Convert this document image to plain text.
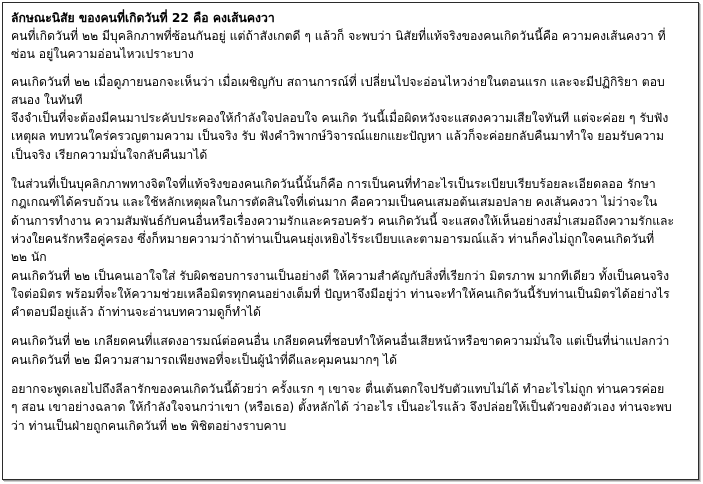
ลักษณะนิสัย ของคนที่เกิดวันที่ 22 คือ คงเส้นคงวา
คนที่เกิดวันที่ ๒๒ มีบุคลิกภาพที่ซ้อนกันอยู่ แต่ถ้าสังเกตดี ๆ แล้วก็ จะพบว่า นิสัยที่แท้จริงของคนเกิดวันนี้คือ ความคงเส้นคงวา ที่
ซ่อน อยู่ในความอ่อนไหวเปราะบาง
คนเกิดวันที่ ๒๒ เมื่อดูภายนอกจะเห็นว่า เมื่อเผชิญกับ สถานการณ์ที่ เปลี่ยนไปจะอ่อนไหวง่ายในตอนแรก และจะมีปฏิกิริยา ตอบ
สนอง ในทันที
จึงจำเป็นที่จะต้องมีคนมาประคับประคองให้กำลังใจปลอบใจ คนเกิด วันนี้เมื่อผิดหวังจะแสดงความเสียใจทันที แต่จะค่อย ๆ รับฟัง
เหตุผล ทบทวนใคร่ครวญตามความ เป็นจริง รับ ฟังคำวิพากษ์วิจารณ์แยกแยะปัญหา แล้วก็จะค่อยกลับคืนมาทำใจ ยอมรับความ
เป็นจริง เรียกความมั่นใจกลับคืนมาได้
ในส่วนที่เป็นบุคลิกภาพทางจิตใจที่แท้จริงของคนเกิดวันนี้นั้นก็คือ การเป็นคนที่ทำอะไรเป็นระเบียบเรียบร้อยละเอียดลออ รักษา
กฎเกณฑ์ได้ครบถ้วน และใช้หลักเหตุผลในการตัดสินใจที่เด่นมาก คือความเป็นคนเสมอต้นเสมอปลาย คงเส้นคงวา ไม่ว่าจะใน
ด้านการทำงาน ความสัมพันธ์กับคนอื่นหรือเรื่องความรักและครอบครัว คนเกิดวันนี้ จะแสดงให้เห็นอย่างสม่ำเสมอถึงความรักและ
ห่วงใยคนรักหรือคู่ครอง ซึ่งก็หมายความว่าถ้าท่านเป็นคนยุ่งเหยิงไร้ระเบียบและตามอารมณ์แล้ว ท่านก็คงไม่ถูกใจคนเกิดวันที่
๒๒ นัก
คนเกิดวันที่ ๒๒ เป็นคนเอาใจใส่ รับผิดชอบการงานเป็นอย่างดี ให้ความสำคัญกับสิ่งที่เรียกว่า มิตรภาพ มากทีเดียว ทั้งเป็นคนจริง
ใจต่อมิตร พร้อมที่จะให้ความช่วยเหลือมิตรทุกคนอย่างเต็มที่ ปัญหาจึงมีอยู่ว่า ท่านจะทำให้คนเกิดวันนี้รับท่านเป็นมิตรได้อย่างไร
คำตอบมีอยู่แล้ว ถ้าท่านจะอ่านบทความดูก็ทำได้
คนเกิดวันที่ ๒๒ เกลียดคนที่แสดงอารมณ์ต่อคนอื่น เกลียดคนที่ชอบทำให้คนอื่นเสียหน้าหรือขาดความมั่นใจ แต่เป็นที่น่าแปลกว่า
คนเกิดวันที่ ๒๒ มีความสามารถเพียงพอที่จะเป็นผู้นำที่ดีและคุมคนมากๆ ได้
อยากจะพูดเลยไปถึงลีลารักของคนเกิดวันนี้ด้วยว่า ครั้งแรก ๆ เขาจะ ตื่นเต้นตกใจปรับตัวแทบไม่ได้ ทำอะไรไม่ถูก ท่านควรค่อย
ๆ สอน เขาอย่างฉลาด ให้กำลังใจจนกว่าเขา (หรือเธอ) ตั้งหลักได้ ว่าอะไร เป็นอะไรแล้ว จึงปล่อยให้เป็นตัวของตัวเอง ท่านจะพบ
ว่า ท่านเป็นฝ่ายถูกคนเกิดวันที่ ๒๒ พิชิตอย่างราบคาบ
